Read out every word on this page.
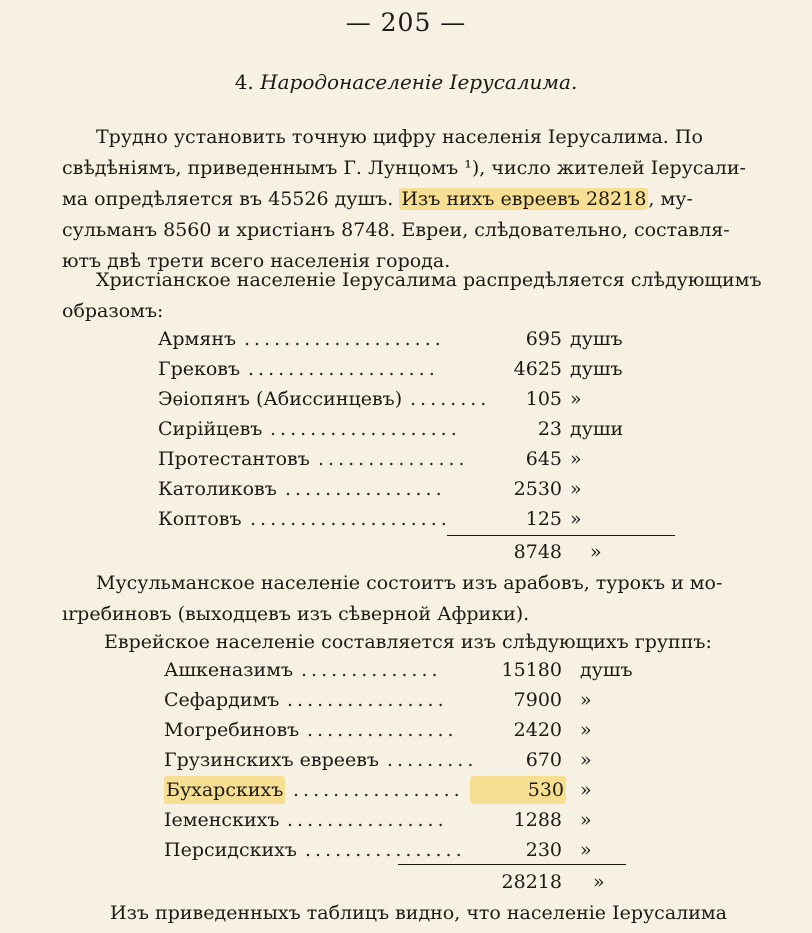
— 205 —
4. Народонаселеніе Іерусалима.
Трудно установить точную цифру населенія Іерусалима. По
свѣдѣніямъ, приведеннымъ Г. Лунцомъ ¹), число жителей Іерусали-
ма опредѣляется въ 45526 душъ. Изъ нихъ евреевъ 28218 , му-
сульманъ 8560 и христіанъ 8748. Евреи, слѣдовательно, составля-
ютъ двѣ трети всего населенія города.
Христіанское населеніе Іерусалима распредѣляется слѣдующимъ
образомъ:
Армянъ ....................	695 душъ
Грековъ ...................	4625 душъ
Эѳіопянъ (Абиссинцевъ) ........	105 »
Сирійцевъ ...................	23 души
Протестантовъ ...............	645 »
Католиковъ ................	2530 »
Коптовъ ....................	125 »
8748 »
Мусульманское населеніе состоитъ изъ арабовъ, турокъ и мо-
ırребиновъ (выходцевъ изъ сѣверной Африки).
Еврейское населеніе составляется изъ слѣдующихъ группъ:
Ашкеназимъ ..............	15180 душъ
Сефардимъ ................	7900 »
Могребиновъ ...............	2420 »
Грузинскихъ евреевъ .........	670 »
Бухарскихъ .................	530 »
Іеменскихъ ................	1288 »
Персидскихъ ................	230 »
28218 »
Изъ приведенныхъ таблицъ видно, что населеніе Іерусалима
